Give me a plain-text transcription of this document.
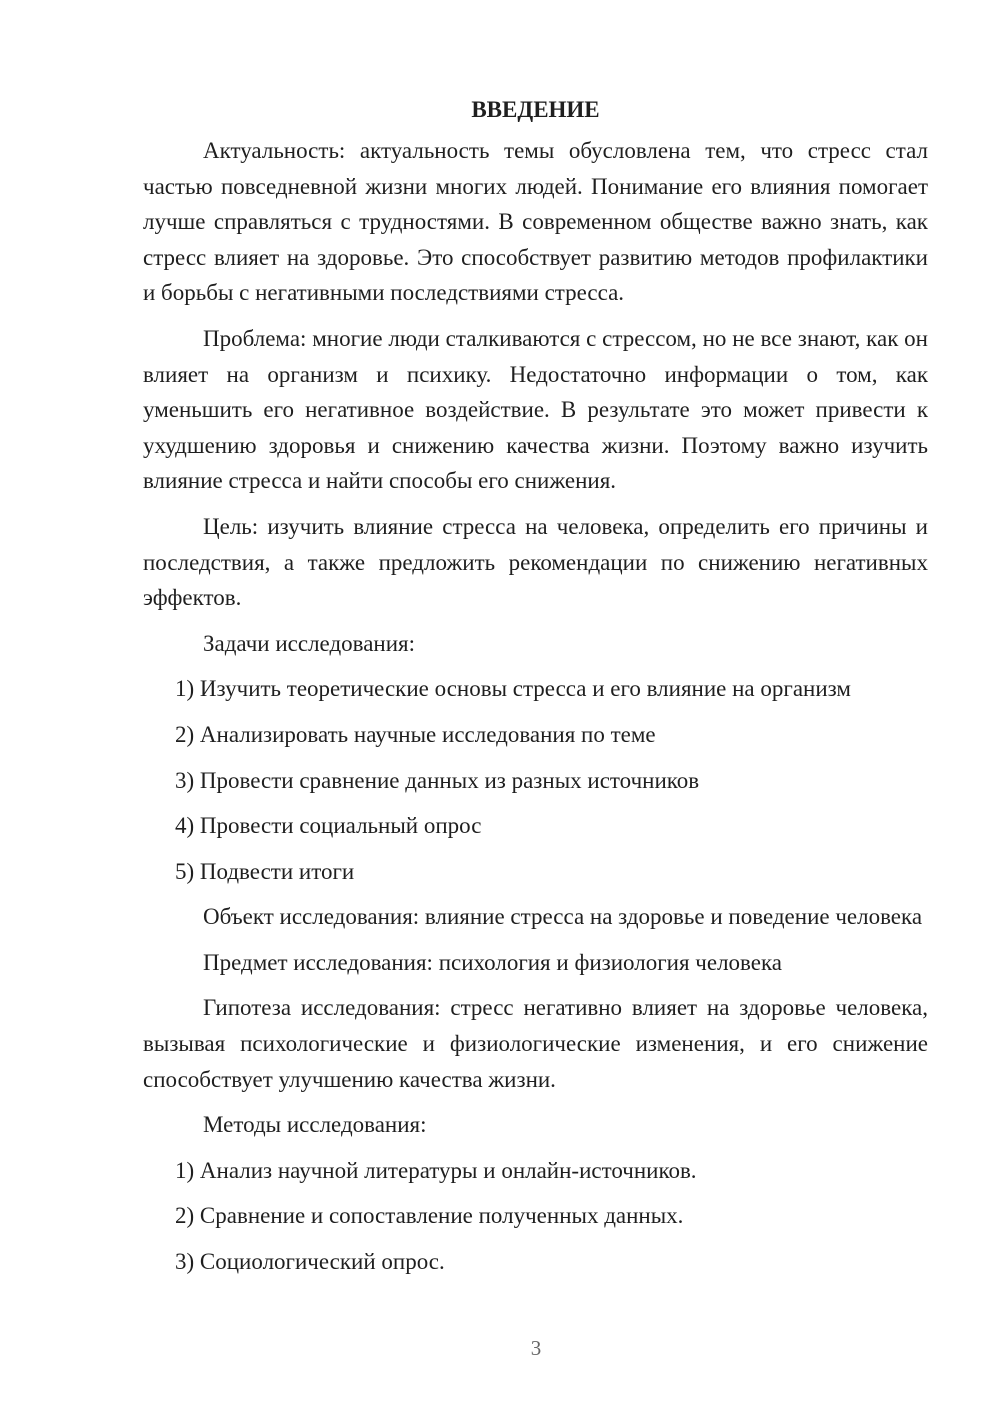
ВВЕДЕНИЕ
Актуальность: актуальность темы обусловлена тем, что стресс стал частью повседневной жизни многих людей. Понимание его влияния помогает лучше справляться с трудностями. В современном обществе важно знать, как стресс влияет на здоровье. Это способствует развитию методов профилактики и борьбы с негативными последствиями стресса.
Проблема: многие люди сталкиваются с стрессом, но не все знают, как он влияет на организм и психику. Недостаточно информации о том, как уменьшить его негативное воздействие. В результате это может привести к ухудшению здоровья и снижению качества жизни. Поэтому важно изучить влияние стресса и найти способы его снижения.
Цель: изучить влияние стресса на человека, определить его причины и последствия, а также предложить рекомендации по снижению негативных эффектов.
Задачи исследования:
1) Изучить теоретические основы стресса и его влияние на организм
2) Анализировать научные исследования по теме
3) Провести сравнение данных из разных источников
4) Провести социальный опрос
5) Подвести итоги
Объект исследования: влияние стресса на здоровье и поведение человека
Предмет исследования: психология и физиология человека
Гипотеза исследования: стресс негативно влияет на здоровье человека, вызывая психологические и физиологические изменения, и его снижение способствует улучшению качества жизни.
Методы исследования:
1) Анализ научной литературы и онлайн-источников.
2) Сравнение и сопоставление полученных данных.
3) Социологический опрос.
3
